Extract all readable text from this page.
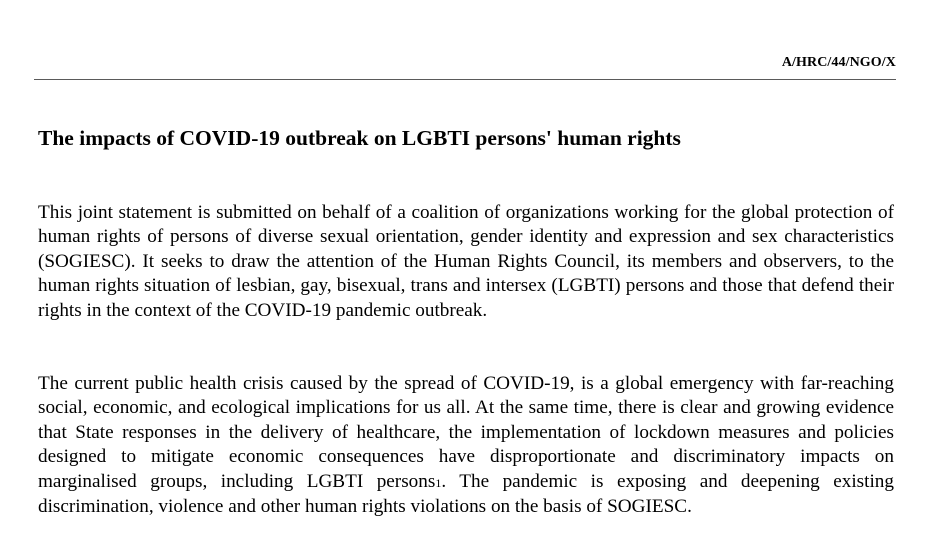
A/HRC/44/NGO/X
The impacts of COVID-19 outbreak on LGBTI persons' human rights

This joint statement is submitted on behalf of a coalition of organizations working for the global protection of human rights of persons of diverse sexual orientation, gender identity and expression and sex characteristics (SOGIESC). It seeks to draw the attention of the Human Rights Council, its members and observers, to the human rights situation of lesbian, gay, bisexual, trans and intersex (LGBTI) persons and those that defend their rights in the context of the COVID-19 pandemic outbreak.

The current public health crisis caused by the spread of COVID-19, is a global emergency with far-reaching social, economic, and ecological implications for us all. At the same time, there is clear and growing evidence that State responses in the delivery of healthcare, the implementation of lockdown measures and policies designed to mitigate economic consequences have disproportionate and discriminatory impacts on marginalised groups, including LGBTI persons1. The pandemic is exposing and deepening existing discrimination, violence and other human rights violations on the basis of SOGIESC.
